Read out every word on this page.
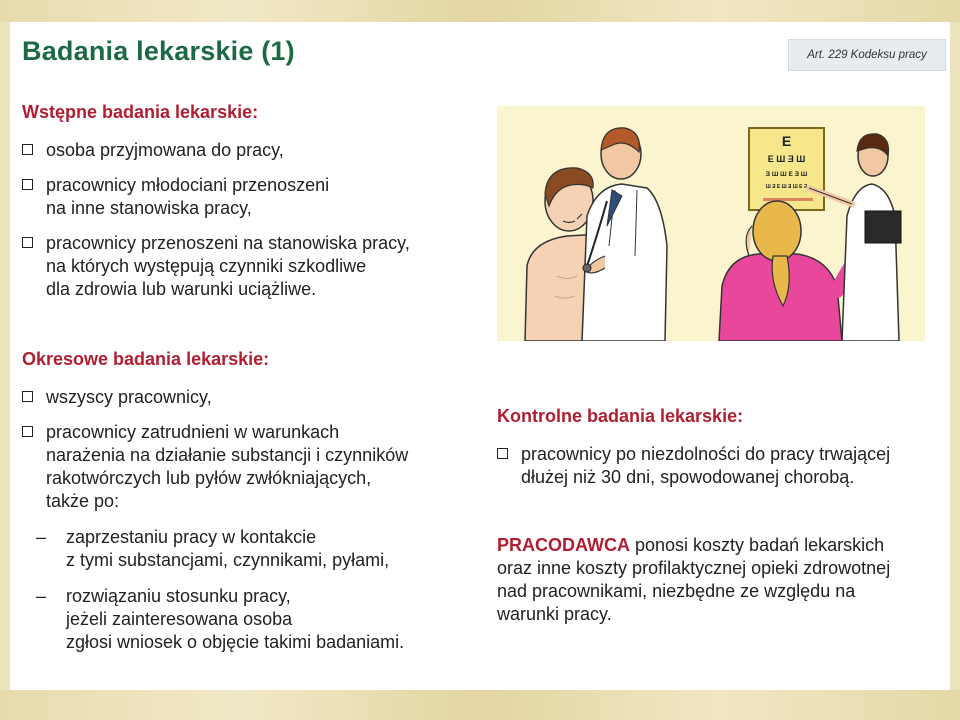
Badania lekarskie (1)	Art. 229 Kodeksu pracy
Wstępne badania lekarskie:
osoba przyjmowana do pracy,
pracownicy młodociani przenoszeni
na inne stanowiska pracy,
pracownicy przenoszeni na stanowiska pracy,
na których występują czynniki szkodliwe
dla zdrowia lub warunki uciążliwe.
Okresowe badania lekarskie:
wszyscy pracownicy,
pracownicy zatrudnieni w warunkach
narażenia na działanie substancji i czynników
rakotwórczych lub pyłów zwłókniających,
także po:
– zaprzestaniu pracy w kontakcie
z tymi substancjami, czynnikami, pyłami,
– rozwiązaniu stosunku pracy,
jeżeli zainteresowana osoba
zgłosi wniosek o objęcie takimi badaniami.
E
E Ш Ǝ Ш
Ǝ Ш Ш E Ǝ Ш
Ш Ǝ E Ш Ǝ Ш E Ǝ
Kontrolne badania lekarskie:
pracownicy po niezdolności do pracy trwającej
dłużej niż 30 dni, spowodowanej chorobą.
PRACODAWCA ponosi koszty badań lekarskich
oraz inne koszty profilaktycznej opieki zdrowotnej
nad pracownikami, niezbędne ze względu na
warunki pracy.
